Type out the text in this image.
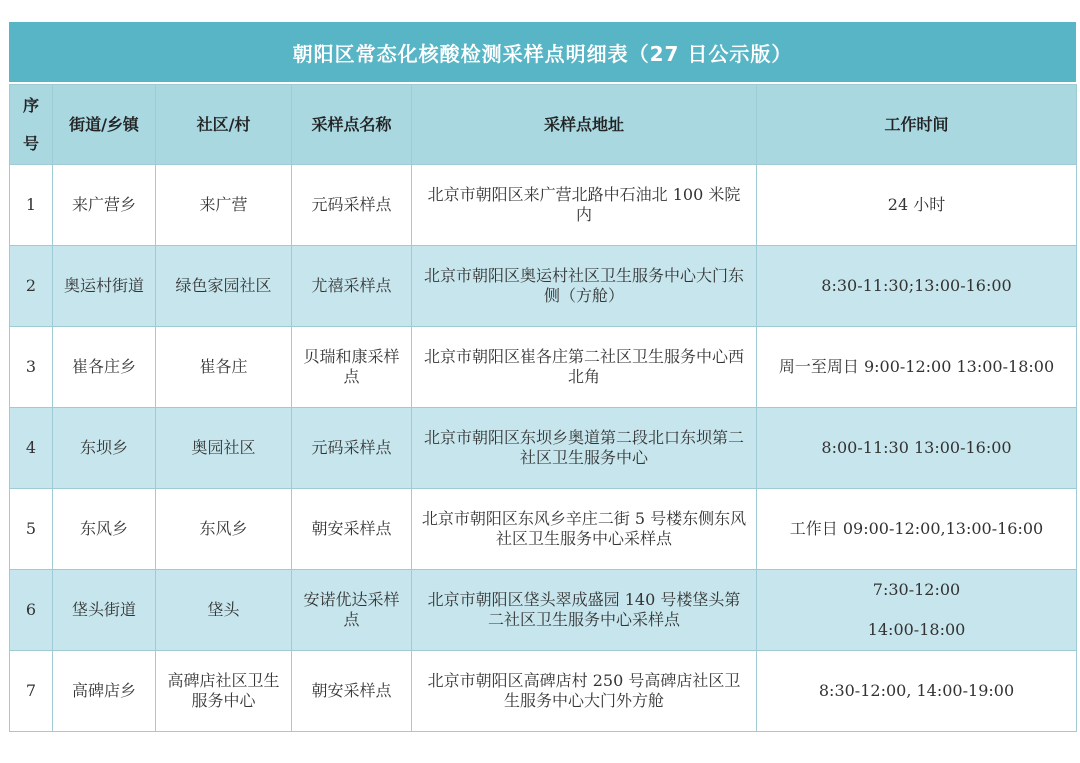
朝阳区常态化核酸检测采样点明细表（27 日公示版）
序
号	街道/乡镇	社区/村	采样点名称	采样点地址	工作时间
1	来广营乡	来广营	元码采样点	北京市朝阳区来广营北路中石油北 100 米院内	24 小时
2	奥运村街道	绿色家园社区	尤禧采样点	北京市朝阳区奥运村社区卫生服务中心大门东侧（方舱）	8:30-11:30;13:00-16:00
3	崔各庄乡	崔各庄	贝瑞和康采样点	北京市朝阳区崔各庄第二社区卫生服务中心西北角	周一至周日 9:00-12:00 13:00-18:00
4	东坝乡	奥园社区	元码采样点	北京市朝阳区东坝乡奥道第二段北口东坝第二社区卫生服务中心	8:00-11:30 13:00-16:00
5	东风乡	东风乡	朝安采样点	北京市朝阳区东风乡辛庄二街 5 号楼东侧东风社区卫生服务中心采样点	工作日 09:00-12:00,13:00-16:00
6	垡头街道	垡头	安诺优达采样点	北京市朝阳区垡头翠成盛园 140 号楼垡头第二社区卫生服务中心采样点	7:30-12:00
14:00-18:00

7	高碑店乡	高碑店社区卫生服务中心	朝安采样点	北京市朝阳区高碑店村 250 号高碑店社区卫生服务中心大门外方舱	8:30-12:00, 14:00-19:00
